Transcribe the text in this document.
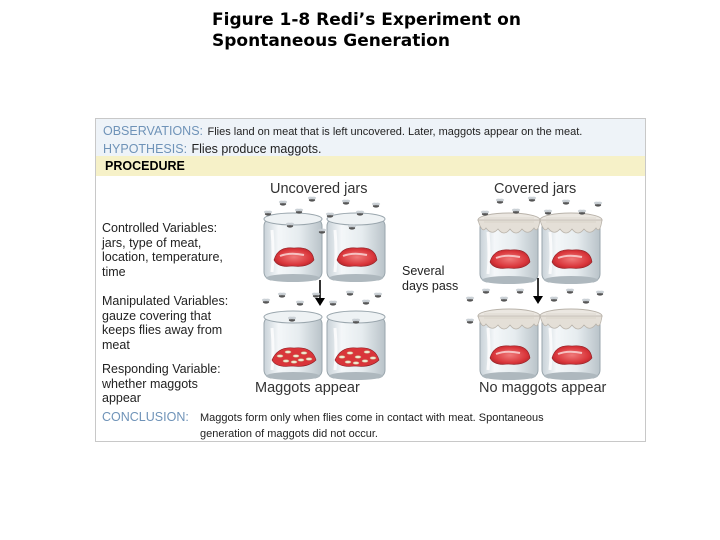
Figure 1-8 Redi’s Experiment on
Spontaneous Generation
OBSERVATIONS: Flies land on meat that is left uncovered. Later, maggots appear on the meat.
HYPOTHESIS: Flies produce maggots.
PROCEDURE
Uncovered jars	Covered jars
Controlled Variables:
jars, type of meat,
location, temperature,
time
Manipulated Variables:
gauze covering that
keeps flies away from
meat
Responding Variable:
whether maggots
appear
Several
days pass
Maggots appear	No maggots appear
CONCLUSION: Maggots form only when flies come in contact with meat. Spontaneous
generation of maggots did not occur.
